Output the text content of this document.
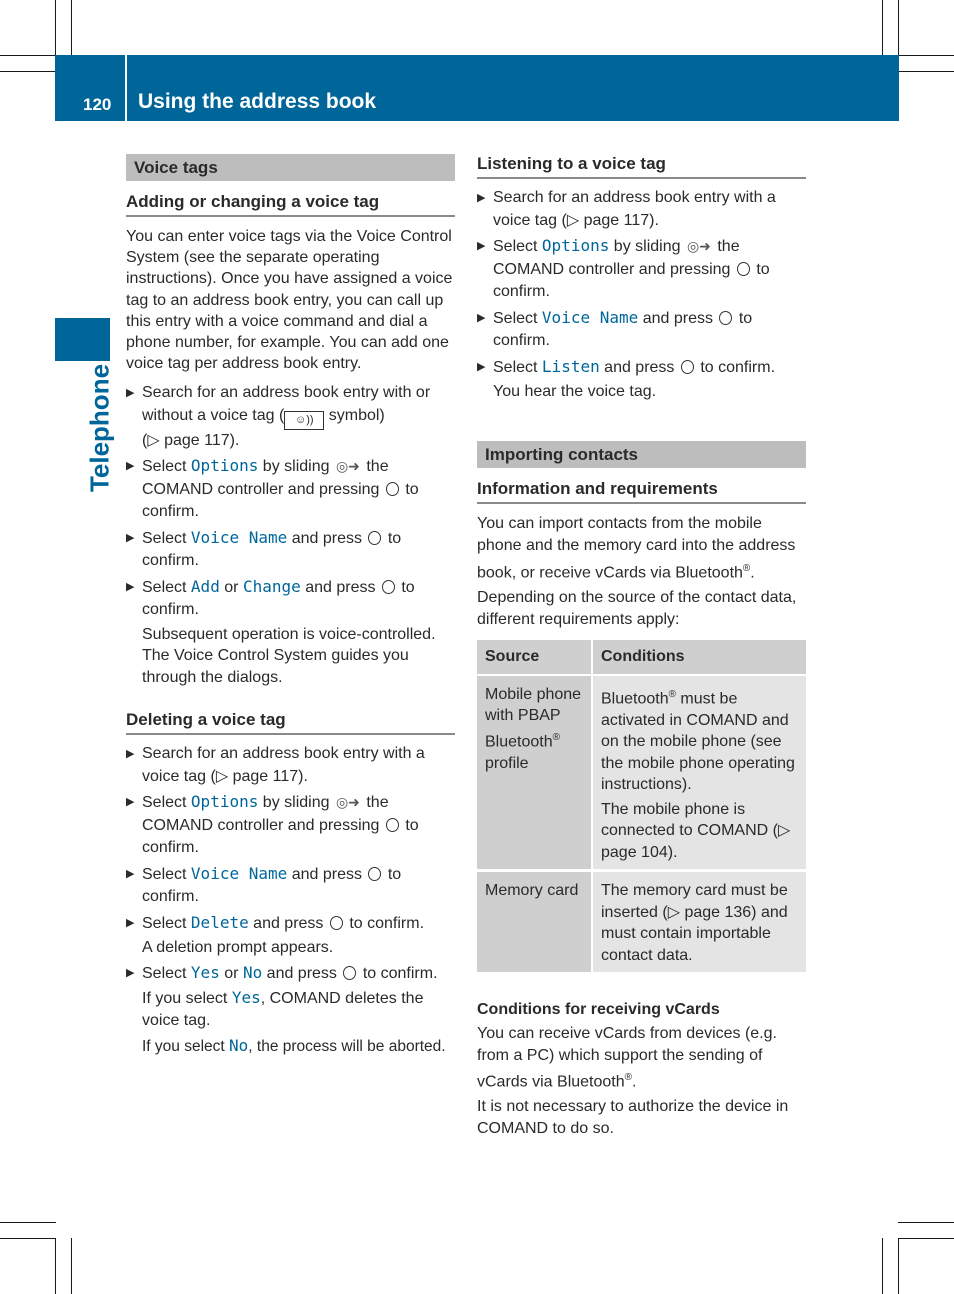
120 Using the address book
Telephone
Voice tags
Adding or changing a voice tag

You can enter voice tags via the Voice Control System (see the separate operating instructions). Once you have assigned a voice tag to an address book entry, you can call up this entry with a voice command and dial a phone number, for example. You can add one voice tag per address book entry.

▶ Search for an address book entry with or without a voice tag ( ☺)) symbol)
(▷ page 117).
▶ Select Options by sliding ◎➜ the COMAND controller and pressing  to confirm.
▶ Select Voice Name and press  to confirm.
▶ Select Add or Change and press  to confirm.
Subsequent operation is voice-controlled. The Voice Control System guides you through the dialogs.
Deleting a voice tag
▶ Search for an address book entry with a voice tag (▷ page 117).
▶ Select Options by sliding ◎➜ the COMAND controller and pressing  to confirm.
▶ Select Voice Name and press  to confirm.
▶ Select Delete and press  to confirm.
A deletion prompt appears.
▶ Select Yes or No and press  to confirm.
If you select Yes, COMAND deletes the voice tag.
If you select No, the process will be aborted.
Listening to a voice tag
▶ Search for an address book entry with a voice tag (▷ page 117).
▶ Select Options by sliding ◎➜ the COMAND controller and pressing  to confirm.
▶ Select Voice Name and press  to confirm.
▶ Select Listen and press  to confirm.
You hear the voice tag.
Importing contacts
Information and requirements

You can import contacts from the mobile phone and the memory card into the address book, or receive vCards via Bluetooth®.

Depending on the source of the contact data, different requirements apply:

Source	Conditions
Mobile phone with PBAP Bluetooth® profile	Bluetooth® must be activated in COMAND and on the mobile phone (see the mobile phone operating instructions).
The mobile phone is connected to COMAND (▷ page 104).

Memory card	The memory card must be inserted (▷ page 136) and must contain importable contact data.
Conditions for receiving vCards

You can receive vCards from devices (e.g. from a PC) which support the sending of vCards via Bluetooth®.

It is not necessary to authorize the device in COMAND to do so.
